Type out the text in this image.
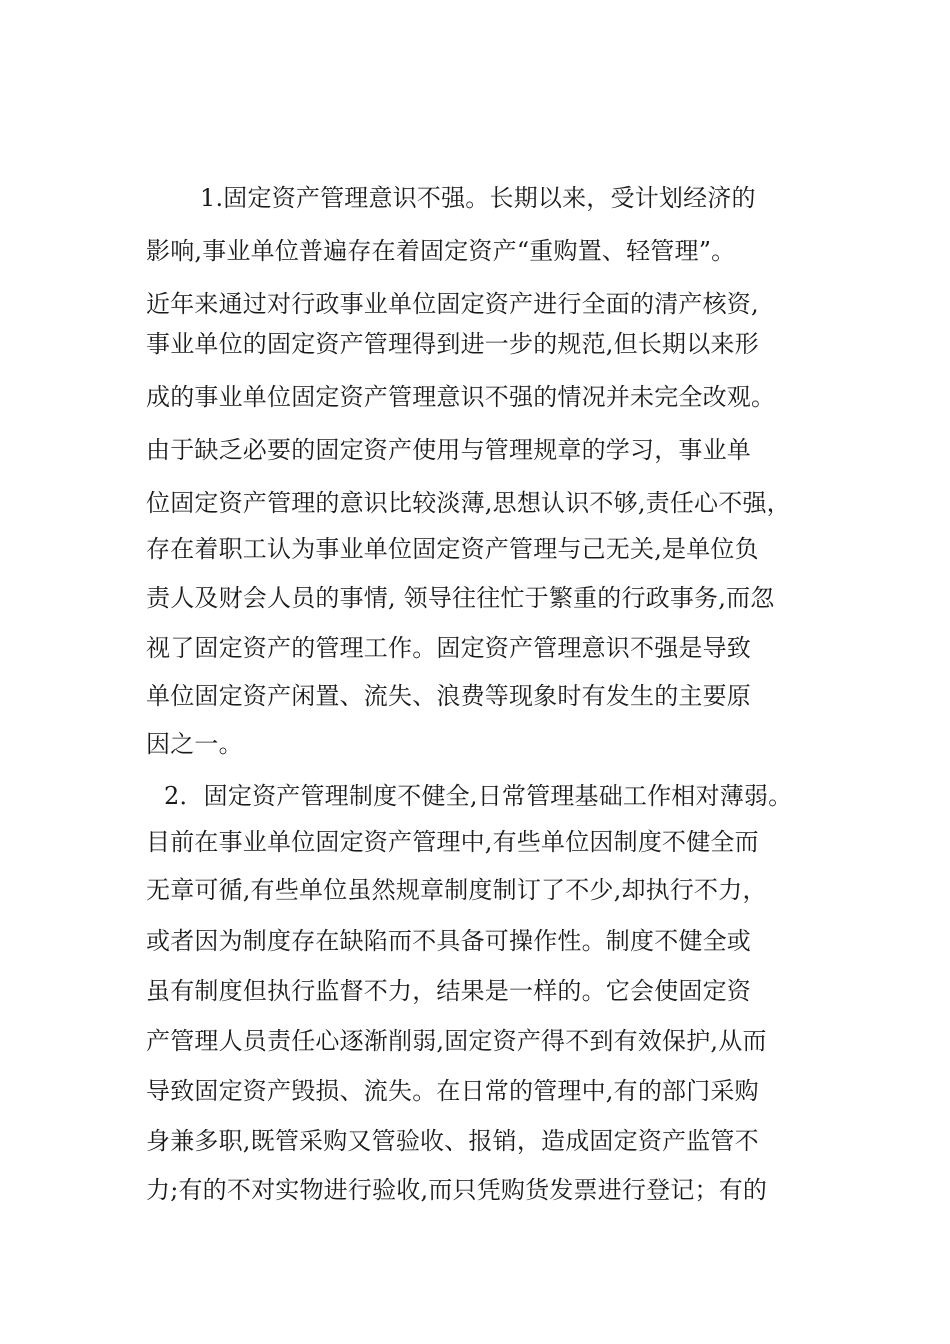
1.固定资产管理意识不强。长期以来，受计划经济的
影响,事业单位普遍存在着固定资产“重购置、轻管理”。
近年来通过对行政事业单位固定资产进行全面的清产核资,
事业单位的固定资产管理得到进一步的规范,但长期以来形
成的事业单位固定资产管理意识不强的情况并未完全改观。
由于缺乏必要的固定资产使用与管理规章的学习，事业单
位固定资产管理的意识比较淡薄,思想认识不够,责任心不强，
存在着职工认为事业单位固定资产管理与己无关,是单位负
责人及财会人员的事情, 领导往往忙于繁重的行政事务,而忽
视了固定资产的管理工作。固定资产管理意识不强是导致
单位固定资产闲置、流失、浪费等现象时有发生的主要原
因之一。
2．固定资产管理制度不健全,日常管理基础工作相对薄弱。
目前在事业单位固定资产管理中,有些单位因制度不健全而
无章可循,有些单位虽然规章制度制订了不少,却执行不力，
或者因为制度存在缺陷而不具备可操作性。制度不健全或
虽有制度但执行监督不力，结果是一样的。它会使固定资
产管理人员责任心逐渐削弱,固定资产得不到有效保护,从而
导致固定资产毁损、流失。在日常的管理中,有的部门采购
身兼多职,既管采购又管验收、报销，造成固定资产监管不
力;有的不对实物进行验收,而只凭购货发票进行登记；有的
